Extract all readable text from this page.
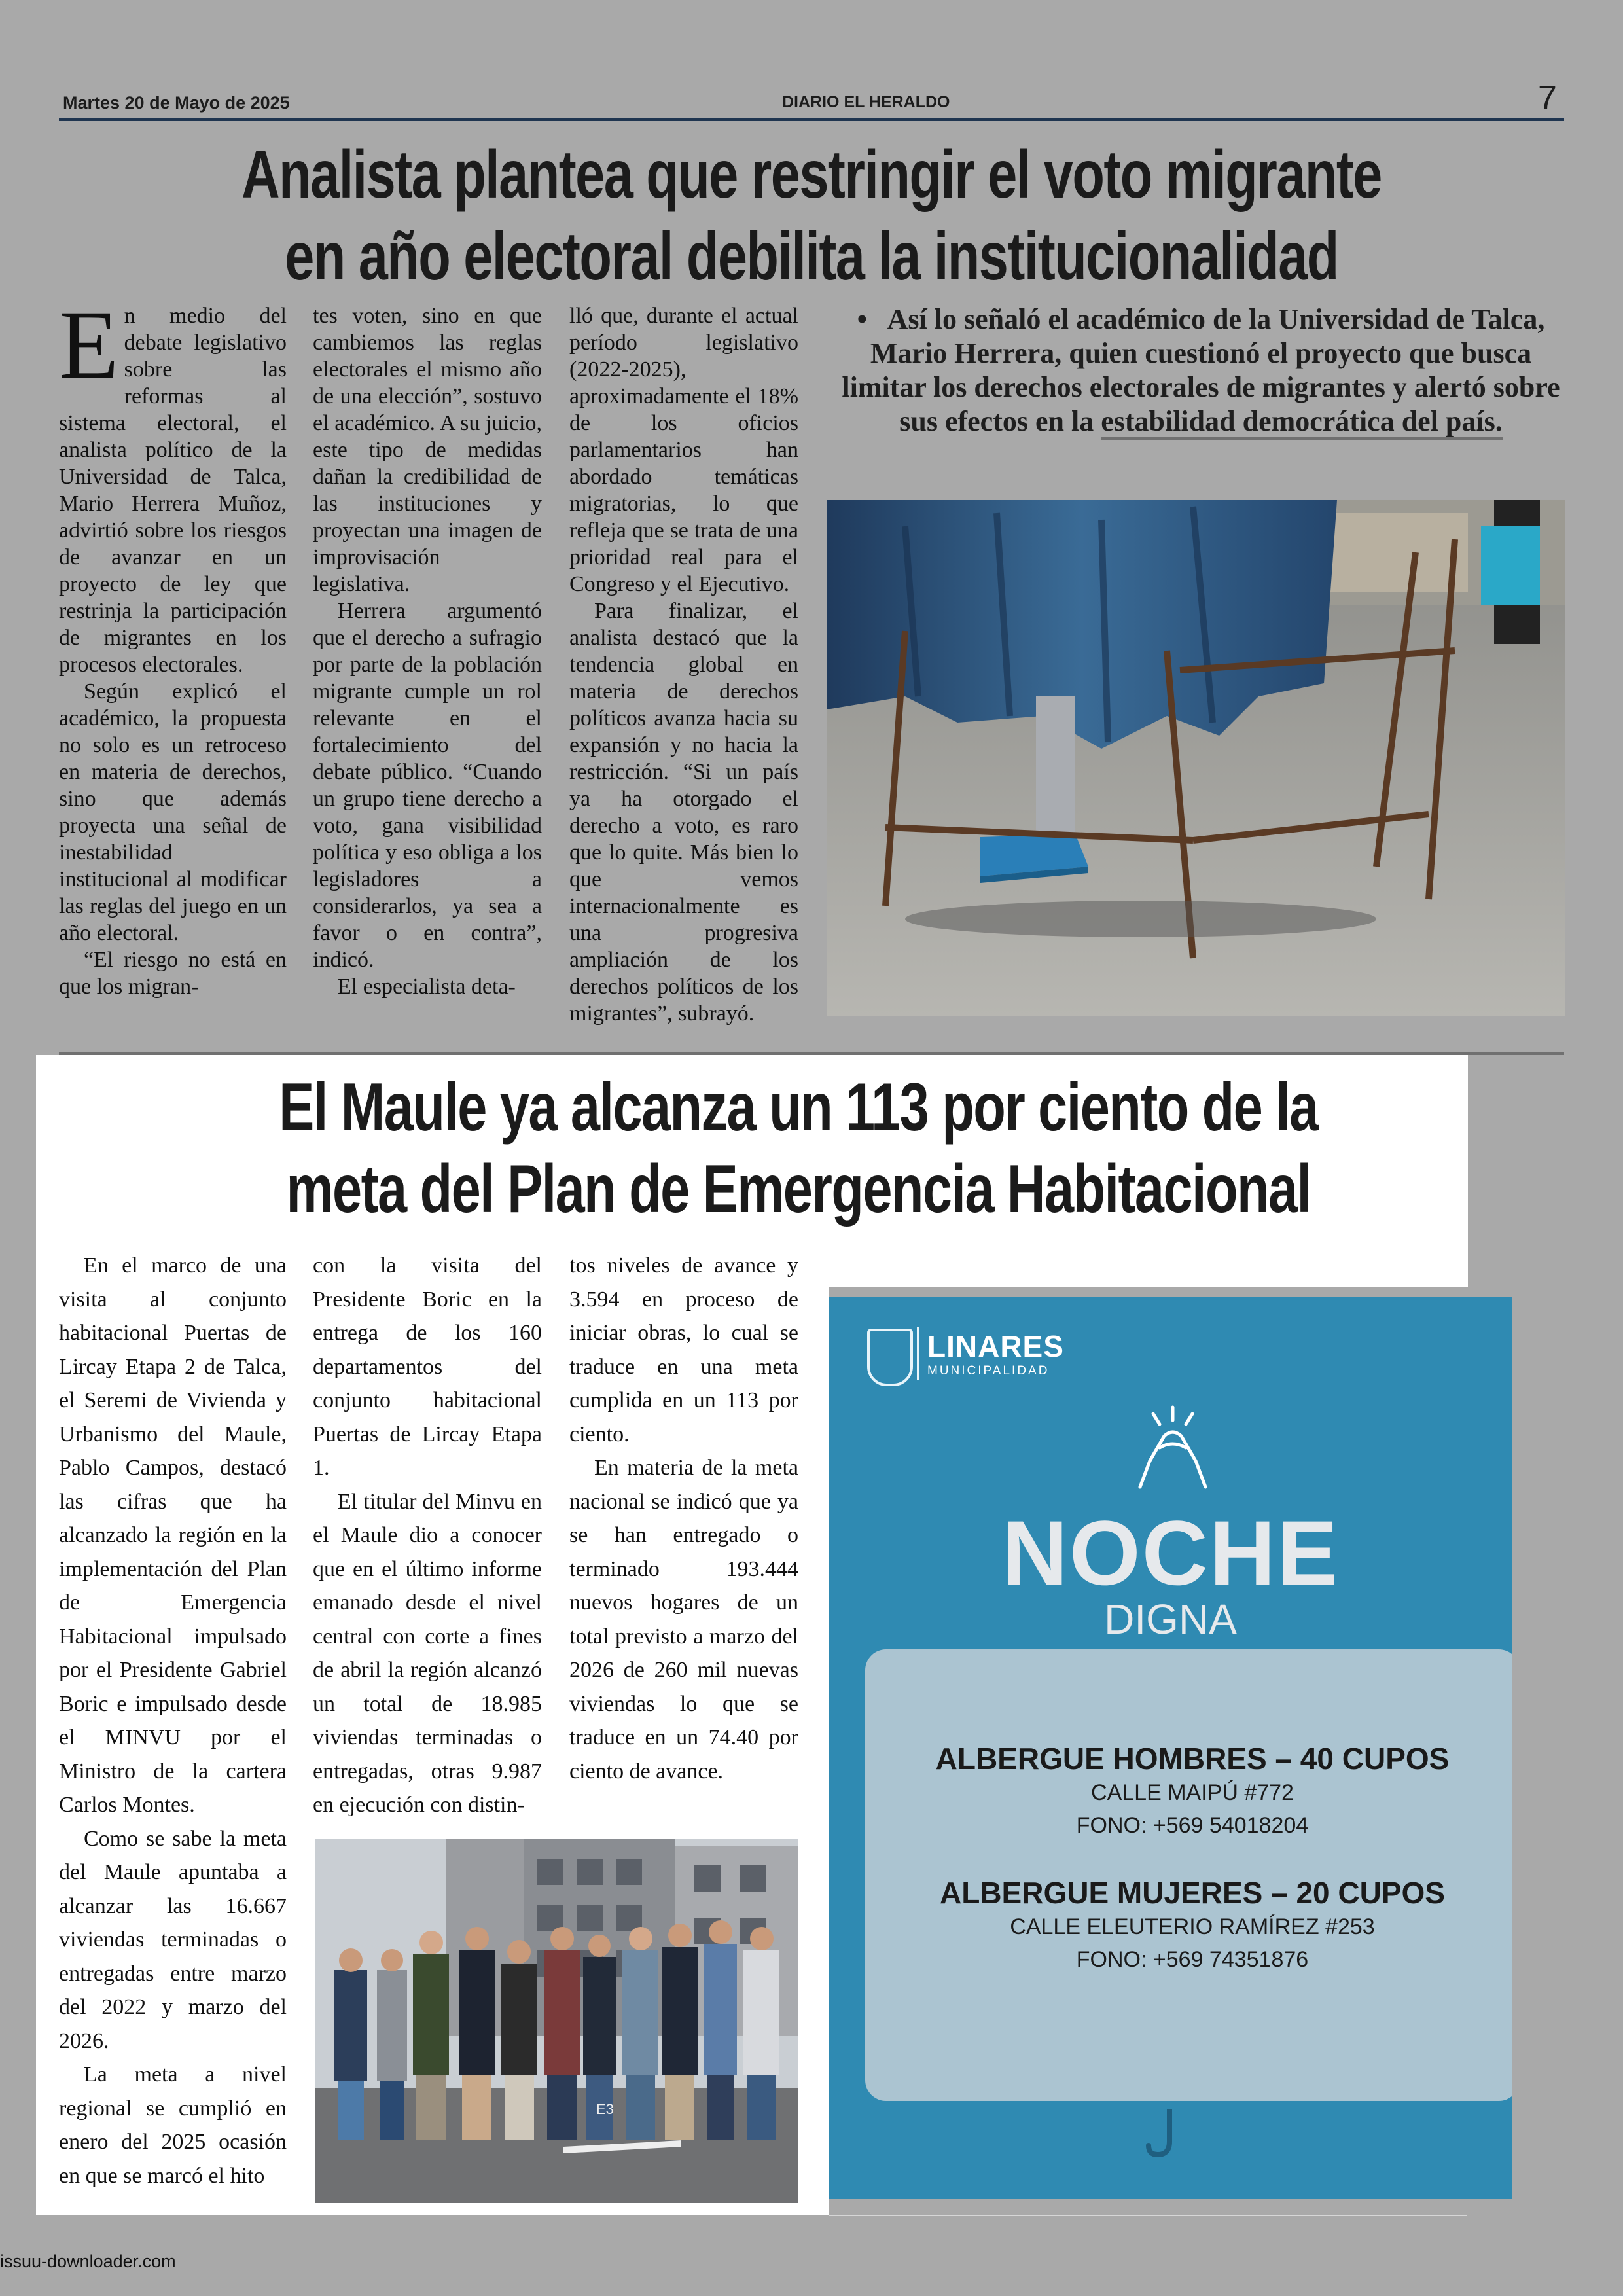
Martes 20 de Mayo de 2025	DIARIO EL HERALDO	7
Analista plantea que restringir el voto migrante
en año electoral debilita la institucionalidad

En medio del debate legislativo sobre las reformas al sistema electoral, el analista político de la Universidad de Talca, Mario Herrera Muñoz, advirtió sobre los riesgos de avanzar en un proyecto de ley que restrinja la participación de migrantes en los procesos electorales.

Según explicó el académico, la propuesta no solo es un retroceso en materia de derechos, sino que además proyecta una señal de inestabilidad institucional al modificar las reglas del juego en un año electoral.

“El riesgo no está en que los migran-

tes voten, sino en que cambiemos las reglas electorales el mismo año de una elección”, sostuvo el académico. A su juicio, este tipo de medidas dañan la credibilidad de las instituciones y proyectan una imagen de improvisación legislativa.

Herrera argumentó que el derecho a sufragio por parte de la población migrante cumple un rol relevante en el fortalecimiento del debate público. “Cuando un grupo tiene derecho a voto, gana visibilidad política y eso obliga a los legisladores a considerarlos, ya sea a favor o en contra”, indicó.

El especialista deta-

lló que, durante el actual período legislativo (2022-2025), aproximadamente el 18% de los oficios parlamentarios han abordado temáticas migratorias, lo que refleja que se trata de una prioridad real para el Congreso y el Ejecutivo.

Para finalizar, el analista destacó que la tendencia global en materia de derechos políticos avanza hacia su expansión y no hacia la restricción. “Si un país ya ha otorgado el derecho a voto, es raro que lo quite. Más bien lo que vemos internacionalmente es una progresiva ampliación de los derechos políticos de los migrantes”, subrayó.

• Así lo señaló el académico de la Universidad de Talca, Mario Herrera, quien cuestionó el proyecto que busca limitar los derechos electorales de migrantes y alertó sobre sus efectos en la estabilidad democrática del país.
El Maule ya alcanza un 113 por ciento de la
meta del Plan de Emergencia Habitacional

En el marco de una visita al conjunto habitacional Puertas de Lircay Etapa 2 de Talca, el Seremi de Vivienda y Urbanismo del Maule, Pablo Campos, destacó las cifras que ha alcanzado la región en la implementación del Plan de Emergencia Habitacional impulsado por el Presidente Gabriel Boric e impulsado desde el MINVU por el Ministro de la cartera Carlos Montes.

Como se sabe la meta del Maule apuntaba a alcanzar las 16.667 viviendas terminadas o entregadas entre marzo del 2022 y marzo del 2026.

La meta a nivel regional se cumplió en enero del 2025 ocasión en que se marcó el hito

con la visita del Presidente Boric en la entrega de los 160 departamentos del conjunto habitacional Puertas de Lircay Etapa 1.

El titular del Minvu en el Maule dio a conocer que en el último informe emanado desde el nivel central con corte a fines de abril la región alcanzó un total de 18.985 viviendas terminadas o entregadas, otras 9.987 en ejecución con distin-

tos niveles de avance y 3.594 en proceso de iniciar obras, lo cual se traduce en una meta cumplida en un 113 por ciento.

En materia de la meta nacional se indicó que ya se han entregado o terminado 193.444 nuevos hogares de un total previsto a marzo del 2026 de 260 mil nuevas viviendas lo que se traduce en un 74.40 por ciento de avance.

E3
LINARES
MUNICIPALIDAD
NOCHE
DIGNA
ALBERGUE HOMBRES – 40 CUPOS
CALLE MAIPÚ #772
FONO: +569 54018204
ALBERGUE MUJERES – 20 CUPOS
CALLE ELEUTERIO RAMÍREZ #253
FONO: +569 74351876
issuu-downloader.com
